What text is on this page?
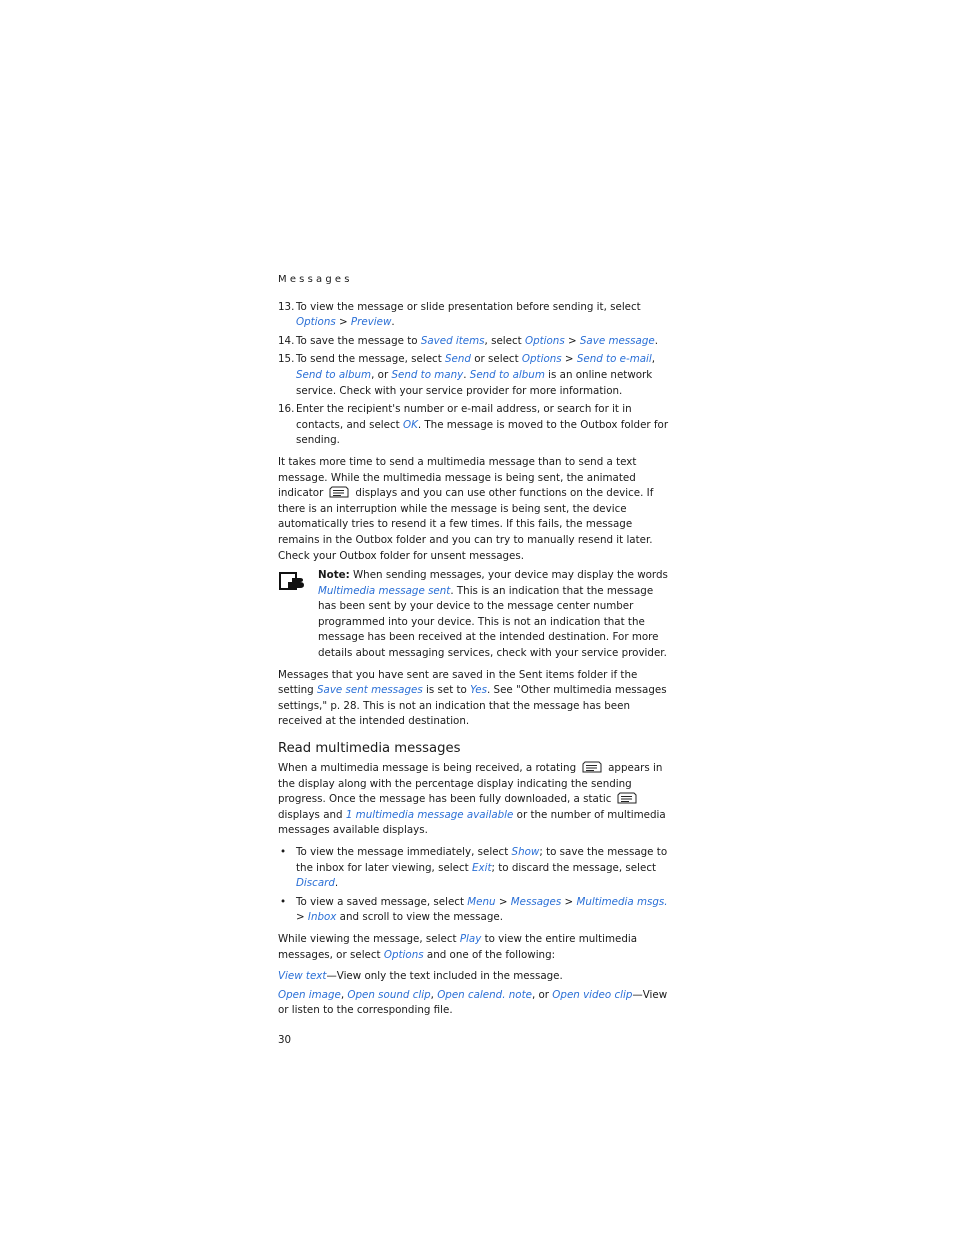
Messages
13. To view the message or slide presentation before sending it, select Options > Preview.
14. To save the message to Saved items, select Options > Save message.
15. To send the message, select Send or select Options > Send to e-mail, Send to album, or Send to many. Send to album is an online network service. Check with your service provider for more information.
16. Enter the recipient's number or e-mail address, or search for it in contacts, and select OK. The message is moved to the Outbox folder for sending.

It takes more time to send a multimedia message than to send a text message. While the multimedia message is being sent, the animated indicator	displays and you can use other functions on the device. If there is an interruption while the message is being sent, the device automatically tries to resend it a few times. If this fails, the message remains in the Outbox folder and you can try to manually resend it later. Check your Outbox folder for unsent messages.

Note: When sending messages, your device may display the words Multimedia message sent. This is an indication that the message has been sent by your device to the message center number programmed into your device. This is not an indication that the message has been received at the intended destination. For more details about messaging services, check with your service provider.

Messages that you have sent are saved in the Sent items folder if the setting Save sent messages is set to Yes. See "Other multimedia messages settings," p. 28. This is not an indication that the message has been received at the intended destination.

Read multimedia messages

When a multimedia message is being received, a rotating	appears in the display along with the percentage display indicating the sending progress. Once the message has been fully downloaded, a staticdisplays and 1 multimedia message available or the number of multimedia messages available displays.

• To view the message immediately, select Show; to save the message to the inbox for later viewing, select Exit; to discard the message, select Discard.
• To view a saved message, select Menu > Messages > Multimedia msgs. > Inbox and scroll to view the message.

While viewing the message, select Play to view the entire multimedia messages, or select Options and one of the following:

View text—View only the text included in the message.

Open image, Open sound clip, Open calend. note, or Open video clip—View or listen to the corresponding file.

30
